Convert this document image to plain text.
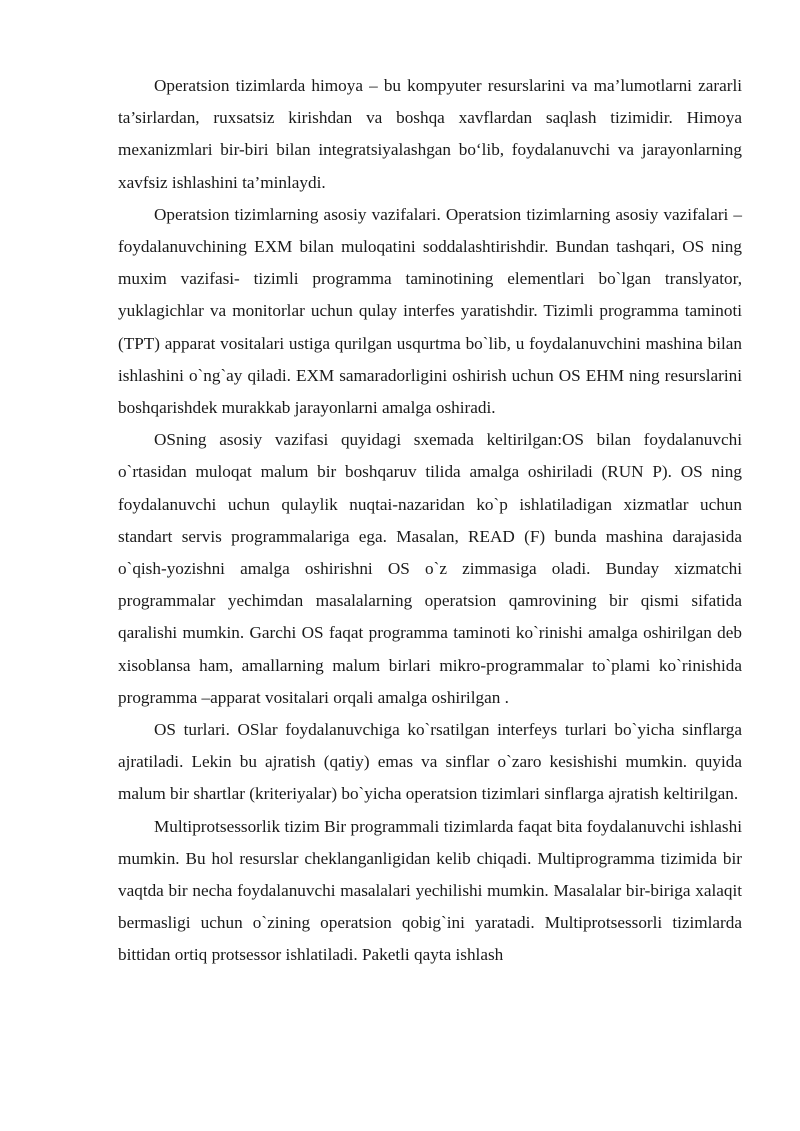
Operatsion tizimlarda himoya – bu kompyuter resurslarini va ma’lumotlarni zararli ta’sirlardan, ruxsatsiz kirishdan va boshqa xavflardan saqlash tizimidir. Himoya mexanizmlari bir-biri bilan integratsiyalashgan bo‘lib, foydalanuvchi va jarayonlarning xavfsiz ishlashini ta’minlaydi.

Operatsion tizimlarning asosiy vazifalari. Operatsion tizimlarning asosiy vazifalari – foydalanuvchining EXM bilan muloqatini soddalashtirishdir. Bundan tashqari, OS ning muxim vazifasi- tizimli programma taminotining elementlari bo`lgan translyator, yuklagichlar va monitorlar uchun qulay interfes yaratishdir. Tizimli programma taminoti (TPT) apparat vositalari ustiga qurilgan usqurtma bo`lib, u foydalanuvchini mashina bilan ishlashini o`ng`ay qiladi. EXM samaradorligini oshirish uchun OS EHM ning resurslarini boshqarishdek murakkab jarayonlarni amalga oshiradi.

OSning asosiy vazifasi quyidagi sxemada keltirilgan:OS bilan foydalanuvchi o`rtasidan muloqat malum bir boshqaruv tilida amalga oshiriladi (RUN P). OS ning foydalanuvchi uchun qulaylik nuqtai-nazaridan ko`p ishlatiladigan xizmatlar uchun standart servis programmalariga ega. Masalan, READ (F) bunda mashina darajasida o`qish-yozishni amalga oshirishni OS o`z zimmasiga oladi. Bunday xizmatchi programmalar yechimdan masalalarning operatsion qamrovining bir qismi sifatida qaralishi mumkin. Garchi OS faqat programma taminoti ko`rinishi amalga oshirilgan deb xisoblansa ham, amallarning malum birlari mikro-programmalar to`plami ko`rinishida programma –apparat vositalari orqali amalga oshirilgan .

OS turlari. OSlar foydalanuvchiga ko`rsatilgan interfeys turlari bo`yicha sinflarga ajratiladi. Lekin bu ajratish (qatiy) emas va sinflar o`zaro kesishishi mumkin. quyida malum bir shartlar (kriteriyalar) bo`yicha operatsion tizimlari sinflarga ajratish keltirilgan.

Multiprotsessorlik tizim Bir programmali tizimlarda faqat bita foydalanuvchi ishlashi mumkin. Bu hol resurslar cheklanganligidan kelib chiqadi. Multiprogramma tizimida bir vaqtda bir necha foydalanuvchi masalalari yechilishi mumkin. Masalalar bir-biriga xalaqit bermasligi uchun o`zining operatsion qobig`ini yaratadi. Multiprotsessorli tizimlarda bittidan ortiq protsessor ishlatiladi. Paketli qayta ishlash
